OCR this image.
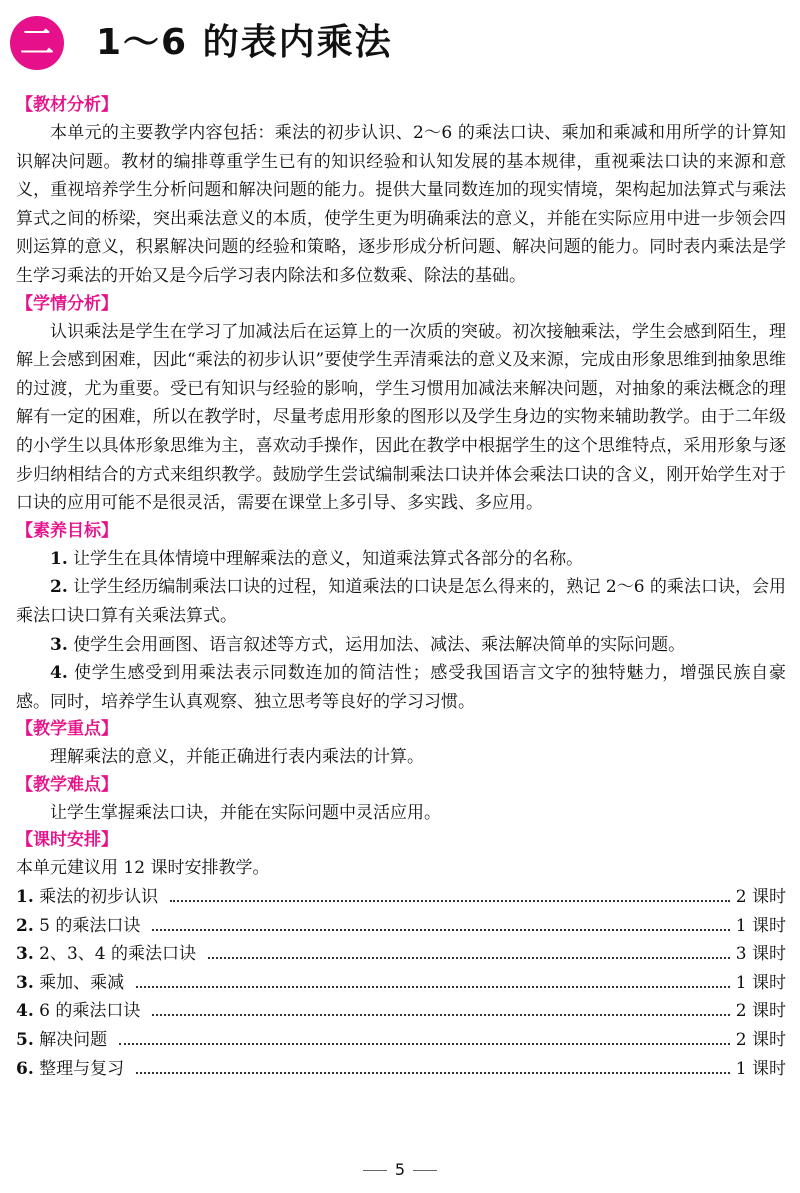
二 1～6 的表内乘法
【教材分析】

本单元的主要教学内容包括：乘法的初步认识、2～6 的乘法口诀、乘加和乘减和用所学的计算知识解决问题。教材的编排尊重学生已有的知识经验和认知发展的基本规律，重视乘法口诀的来源和意义，重视培养学生分析问题和解决问题的能力。提供大量同数连加的现实情境，架构起加法算式与乘法算式之间的桥梁，突出乘法意义的本质，使学生更为明确乘法的意义，并能在实际应用中进一步领会四则运算的意义，积累解决问题的经验和策略，逐步形成分析问题、解决问题的能力。同时表内乘法是学生学习乘法的开始又是今后学习表内除法和多位数乘、除法的基础。

【学情分析】

认识乘法是学生在学习了加减法后在运算上的一次质的突破。初次接触乘法，学生会感到陌生，理解上会感到困难，因此“乘法的初步认识”要使学生弄清乘法的意义及来源，完成由形象思维到抽象思维的过渡，尤为重要。受已有知识与经验的影响，学生习惯用加减法来解决问题，对抽象的乘法概念的理解有一定的困难，所以在教学时，尽量考虑用形象的图形以及学生身边的实物来辅助教学。由于二年级的小学生以具体形象思维为主，喜欢动手操作，因此在教学中根据学生的这个思维特点，采用形象与逐步归纳相结合的方式来组织教学。鼓励学生尝试编制乘法口诀并体会乘法口诀的含义，刚开始学生对于口诀的应用可能不是很灵活，需要在课堂上多引导、多实践、多应用。

【素养目标】

1. 让学生在具体情境中理解乘法的意义，知道乘法算式各部分的名称。

2. 让学生经历编制乘法口诀的过程，知道乘法的口诀是怎么得来的，熟记 2～6 的乘法口诀，会用乘法口诀口算有关乘法算式。

3. 使学生会用画图、语言叙述等方式，运用加法、减法、乘法解决简单的实际问题。

4. 使学生感受到用乘法表示同数连加的简洁性；感受我国语言文字的独特魅力，增强民族自豪感。同时，培养学生认真观察、独立思考等良好的学习习惯。

【教学重点】

理解乘法的意义，并能正确进行表内乘法的计算。

【教学难点】

让学生掌握乘法口诀，并能在实际问题中灵活应用。

【课时安排】

本单元建议用 12 课时安排教学。

1.
乘法的初步认识	2 课时
2.
5 的乘法口诀	1 课时
3.
2、3、4 的乘法口诀	3 课时
3.
乘加、乘减	1 课时
4.
6 的乘法口诀	2 课时
5.
解决问题	2 课时
6.
整理与复习	1 课时
5
